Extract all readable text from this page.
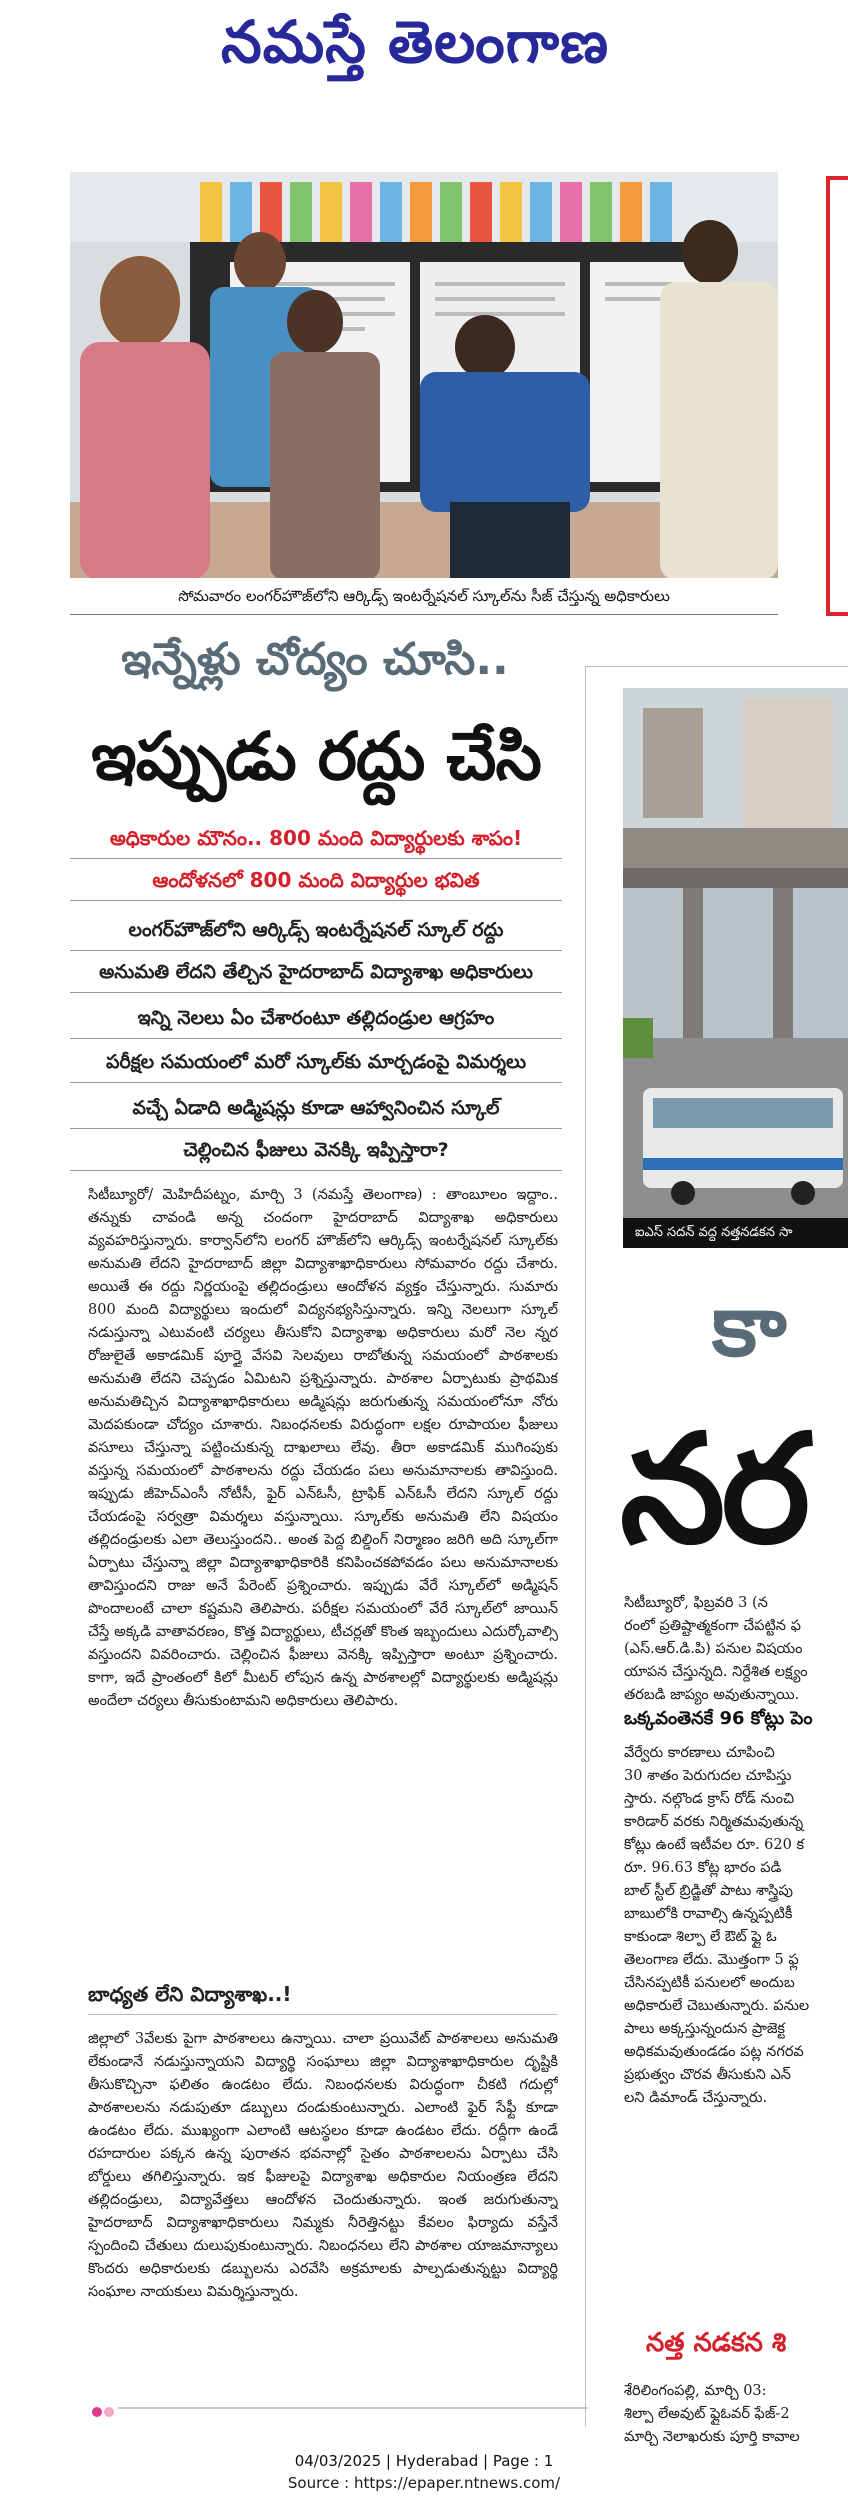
నమస్తే తెలంగాణ
సోమవారం లంగర్‌హౌజ్‌లోని ఆర్కిడ్స్‌ ఇంటర్నేషనల్‌ స్కూల్‌ను సీజ్‌ చేస్తున్న అధికారులు
ఇన్నేళ్లు చోద్యం చూసి..
ఇప్పుడు రద్దు చేసి
అధికారుల మౌనం.. 800 మంది విద్యార్థులకు శాపం!
ఆందోళనలో 800 మంది విద్యార్థుల భవిత
లంగర్‌హౌజ్‌లోని ఆర్కిడ్స్‌ ఇంటర్నేషనల్‌ స్కూల్‌ రద్దు
అనుమతి లేదని తేల్చిన హైదరాబాద్‌ విద్యాశాఖ అధికారులు
ఇన్ని నెలలు ఏం చేశారంటూ తల్లిదండ్రుల ఆగ్రహం
పరీక్షల సమయంలో మరో స్కూల్‌కు మార్చడంపై విమర్శలు
వచ్చే ఏడాది అడ్మిషన్లు కూడా ఆహ్వానించిన స్కూల్‌
చెల్లించిన ఫీజులు వెనక్కి ఇప్పిస్తారా?
సిటీబ్యూరో/ మెహిదీపట్నం, మార్చి 3 (నమస్తే తెలంగాణ) : తాంబూలం ఇద్దాం.. తన్నుకు చావండి అన్న చందంగా హైదరాబాద్‌ విద్యాశాఖ అధికారులు వ్యవహరిస్తున్నారు. కార్వాన్‌లోని లంగర్‌ హౌజ్‌లోని ఆర్కిడ్స్‌ ఇంటర్నేషనల్‌ స్కూల్‌కు అనుమతి లేదని హైదరాబాద్‌ జిల్లా విద్యాశాఖాధికారులు సోమవారం రద్దు చేశారు. అయితే ఈ రద్దు నిర్ణయంపై తల్లిదండ్రులు ఆందోళన వ్యక్తం చేస్తున్నారు. సుమారు 800 మంది విద్యార్థులు ఇందులో విద్యనభ్యసిస్తున్నారు. ఇన్ని నెలలుగా స్కూల్‌ నడుస్తున్నా ఎటువంటి చర్యలు తీసుకోని విద్యాశాఖ అధికారులు మరో నెల న్నర రోజులైతే అకాడమిక్‌ పూర్తై వేసవి సెలవులు రాబోతున్న సమయంలో పాఠశాలకు అనుమతి లేదని చెప్పడం ఏమిటని ప్రశ్నిస్తున్నారు. పాఠశాల ఏర్పాటుకు ప్రాథమిక అనుమతిచ్చిన విద్యాశాఖాధికారులు అడ్మిషన్లు జరుగుతున్న సమయంలోనూ నోరు మెదపకుండా చోద్యం చూశారు. నిబంధనలకు విరుద్ధంగా లక్షల రూపాయల ఫీజులు వసూలు చేస్తున్నా పట్టించుకున్న దాఖలాలు లేవు. తీరా అకాడమిక్‌ ముగింపుకు వస్తున్న సమయంలో పాఠశాలను రద్దు చేయడం పలు అనుమానాలకు తావిస్తుంది. ఇప్పుడు జీహెచ్‌ఎంసీ నోటీసీ, ఫైర్‌ ఎన్‌ఓసీ, ట్రాఫిక్‌ ఎన్‌ఓసీ లేదని స్కూల్‌ రద్దు చేయడంపై సర్వత్రా విమర్శలు వస్తున్నాయి. స్కూల్‌కు అనుమతి లేని విషయం తల్లిదండ్రులకు ఎలా తెలుస్తుందని.. అంత పెద్ద బిల్డింగ్‌ నిర్మాణం జరిగి అది స్కూల్‌గా ఏర్పాటు చేస్తున్నా జిల్లా విద్యాశాఖాధికారికి కనిపించకపోవడం పలు అనుమానాలకు తావిస్తుందని రాజు అనే పేరెంట్‌ ప్రశ్నించారు. ఇప్పుడు వేరే స్కూల్‌లో అడ్మిషన్‌ పొందాలంటే చాలా కష్టమని తెలిపారు. పరీక్షల సమయంలో వేరే స్కూల్‌లో జాయిన్‌ చేస్తే అక్కడి వాతావరణం, కొత్త విద్యార్థులు, టీచర్లతో కొంత ఇబ్బందులు ఎదుర్కోవాల్సి వస్తుందని వివరించారు. చెల్లించిన ఫీజులు వెనక్కి ఇప్పిస్తారా అంటూ ప్రశ్నించారు. కాగా, ఇదే ప్రాంతంలో కిలో మీటర్‌ లోపున ఉన్న పాఠశాలల్లో విద్యార్థులకు అడ్మిషన్లు అందేలా చర్యలు తీసుకుంటామని అధికారులు తెలిపారు.
బాధ్యత లేని విద్యాశాఖ..!
జిల్లాలో 3వేలకు పైగా పాఠశాలలు ఉన్నాయి. చాలా ప్రయివేట్‌ పాఠశాలలు అనుమతి లేకుండానే నడుస్తున్నాయని విద్యార్థి సంఘాలు జిల్లా విద్యాశాఖాధికారుల దృష్టికి తీసుకొచ్చినా ఫలితం ఉండటం లేదు. నిబంధనలకు విరుద్ధంగా చీకటి గదుల్లో పాఠశాలలను నడుపుతూ డబ్బులు దండుకుంటున్నారు. ఎలాంటి ఫైర్‌ సేఫ్టీ కూడా ఉండటం లేదు. ముఖ్యంగా ఎలాంటి ఆటస్థలం కూడా ఉండటం లేదు. రద్దీగా ఉండే రహదారుల పక్కన ఉన్న పురాతన భవనాల్లో సైతం పాఠశాలలను ఏర్పాటు చేసి బోర్డులు తగిలిస్తున్నారు. ఇక ఫీజులపై విద్యాశాఖ అధికారుల నియంత్రణ లేదని తల్లిదండ్రులు, విద్యావేత్తలు ఆందోళన చెందుతున్నారు. ఇంత జరుగుతున్నా హైదరాబాద్‌ విద్యాశాఖాధికారులు నిమ్మకు నీరెత్తినట్టు కేవలం ఫిర్యాదు వస్తేనే స్పందించి చేతులు దులుపుకుంటున్నారు. నిబంధనలు లేని పాఠశాల యాజమాన్యాలు కొందరు అధికారులకు డబ్బులను ఎరవేసి అక్రమాలకు పాల్పడుతున్నట్టు విద్యార్థి సంఘాల నాయకులు విమర్శిస్తున్నారు.
ఐఎస్‌ సదన్‌ వద్ద నత్తనడకన సా
కా
నర
సిటీబ్యూరో, ఫిబ్రవరి 3 (న
రంలో ప్రతిష్టాత్మకంగా చేపట్టిన ఫ
(ఎస్‌.ఆర్‌.డి.పి) పనుల విషయం
యాపన చేస్తున్నది. నిర్దేశిత లక్ష్యం
తరబడి జాప్యం అవుతున్నాయి.
ఒక్కవంతెనకే 96 కోట్లు పెం
వేర్వేరు కారణాలు చూపించి
30 శాతం పెరుగుదల చూపిస్తు
స్తారు. నల్గొండ క్రాస్‌ రోడ్‌ నుంచి
కారిడార్‌ వరకు నిర్మితమవుతున్న
కోట్లు ఉంటే ఇటీవల రూ. 620 క
రూ. 96.63 కోట్ల భారం పడి
బాల్‌ స్టీల్‌ బ్రిడ్జితో పాటు శాస్త్రిపు
బాబులోకి రావాల్సి ఉన్నప్పటికీ
కాకుండా శిల్పా లే ఔట్‌ ఫ్లై ఓ
తెలంగాణ లేదు. మొత్తంగా 5 ఫ్ల
చేసినప్పటికీ పనులలో అందుబ
అధికారులే చెబుతున్నారు. పనుల
పాలు అక్కస్తున్నందున ప్రాజెక్ట
అధికమవుతుండడం పట్ల నగరవ
ప్రభుత్వం చొరవ తీసుకుని ఎన్
లని డిమాండ్‌ చేస్తున్నారు.
నత్త నడకన శి
శేరిలింగంపల్లి, మార్చి 03:
శిల్పా లేఅవుట్‌ ఫ్లైఓవర్‌ ఫేజ్‌-2
మార్చి నెలాఖరుకు పూర్తి కావాల
04/03/2025 | Hyderabad | Page : 1
Source : https://epaper.ntnews.com/
